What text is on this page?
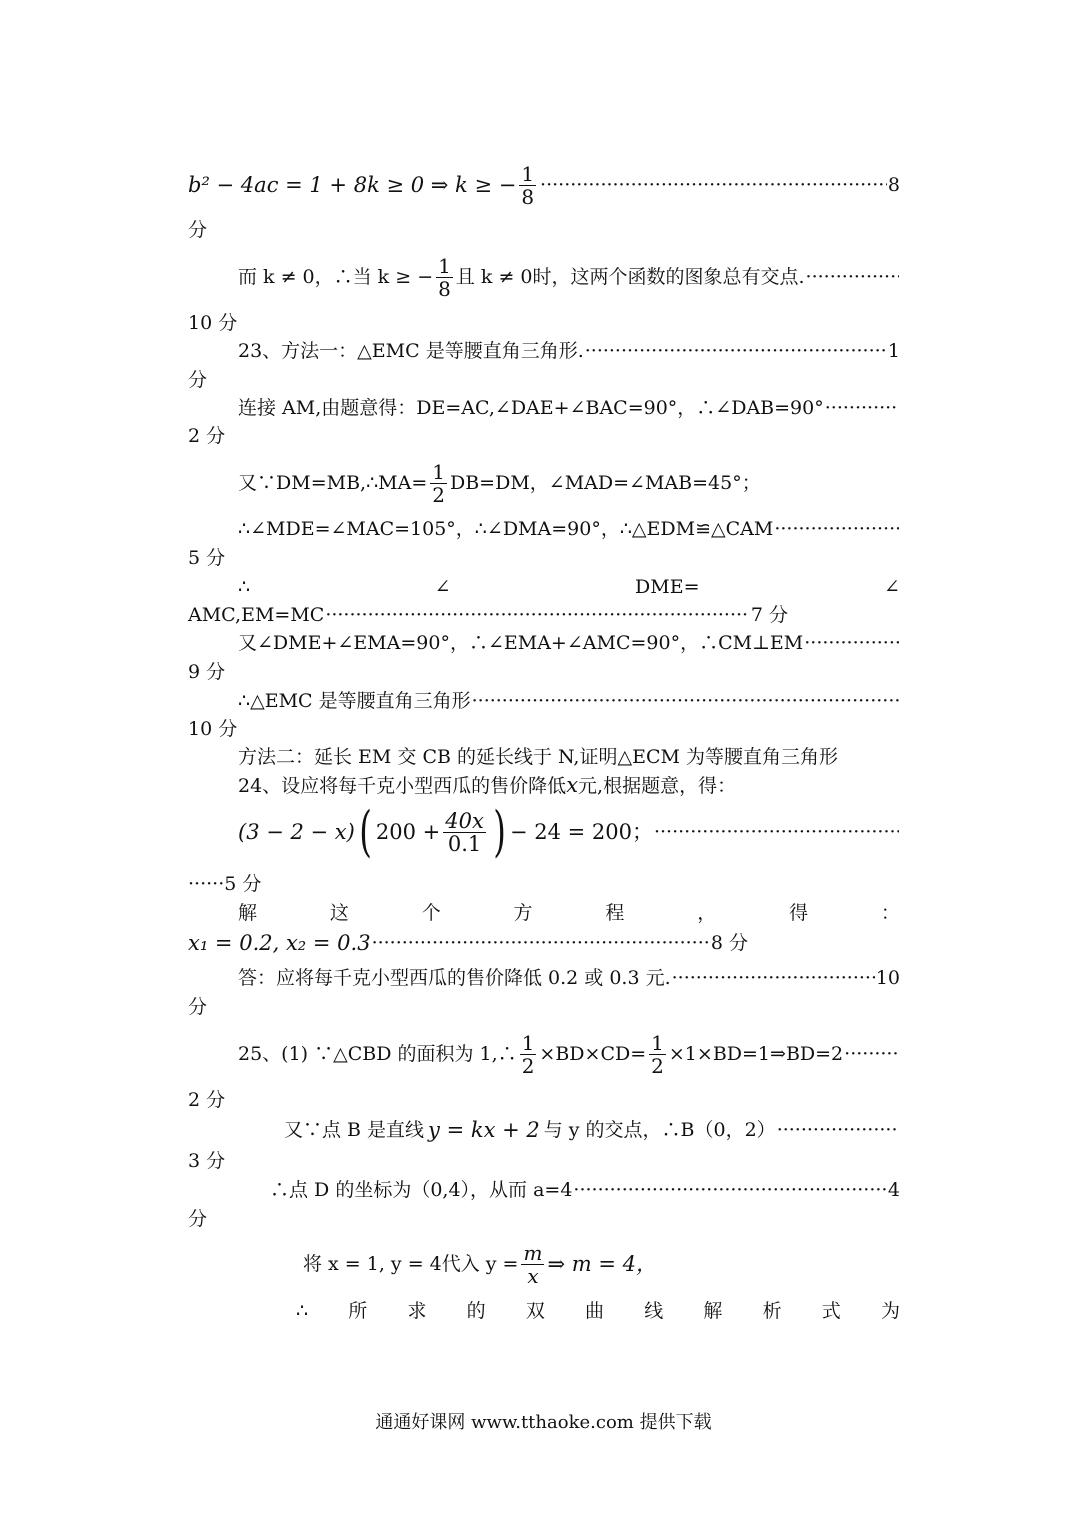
b² − 4ac = 1 + 8k ≥ 0 ⇒ k ≥ − $\frac{1}{8}$ ·····	8
分
而 k ≠ 0，∴当 k ≥ − $\frac{1}{8}$ 且 k ≠ 0时，这两个函数的图象总有交点.
·····
10 分
23、方法一：△EMC 是等腰直角三角形. ·····	1
分
连接 AM,由题意得：DE=AC,∠DAE+∠BAC=90°，∴∠DAB=90°
·····
2 分
又∵DM=MB,∴MA= $\frac{1}{2} DB=DM$，∠MAD=∠MAB=45°；
∴∠MDE=∠MAC=105°，∴∠DMA=90°，∴△EDM≌△CAM
·····
5 分
∴	∠	DME=	∠
AMC,EM=MC ·····	7 分
又∠DME+∠EMA=90°，∴∠EMA+∠AMC=90°，∴CM⊥EM
·····
9 分
∴△EMC 是等腰直角三角形
·····
10 分
方法二：延长 EM 交 CB 的延长线于 N,证明△ECM 为等腰直角三角形
24、设应将每千克小型西瓜的售价降低x元,根据题意，得：
(3 − 2 − x) ( $200 + \frac{40x}{0.1}$ ) − 24 = 200；
·····
······5 分
解	这	个	方	程	，	得	：
x₁ = 0.2, x₂ = 0.3 ·····	8 分
答：应将每千克小型西瓜的售价降低 0.2 或 0.3 元. ·····	10
分
25、(1) ∵△CBD 的面积为 1,∴ $\frac{1}{2} \times BD\times CD= \frac{1}{2}$ ×1×BD=1⇒BD=2
·····
2 分
又∵点 B 是直线 y = kx + 2 与 y 的交点，∴B（0，2）
·····
3 分
∴点 D 的坐标为（0,4），从而 a=4 ·····	4
分
将 x = 1, y = 4代入 $y = \frac{m}{x}$ ⇒ m = 4，
∴ 所 求 的 双 曲 线 解 析 式 为
通通好课网 www.tthaoke.com 提供下载
